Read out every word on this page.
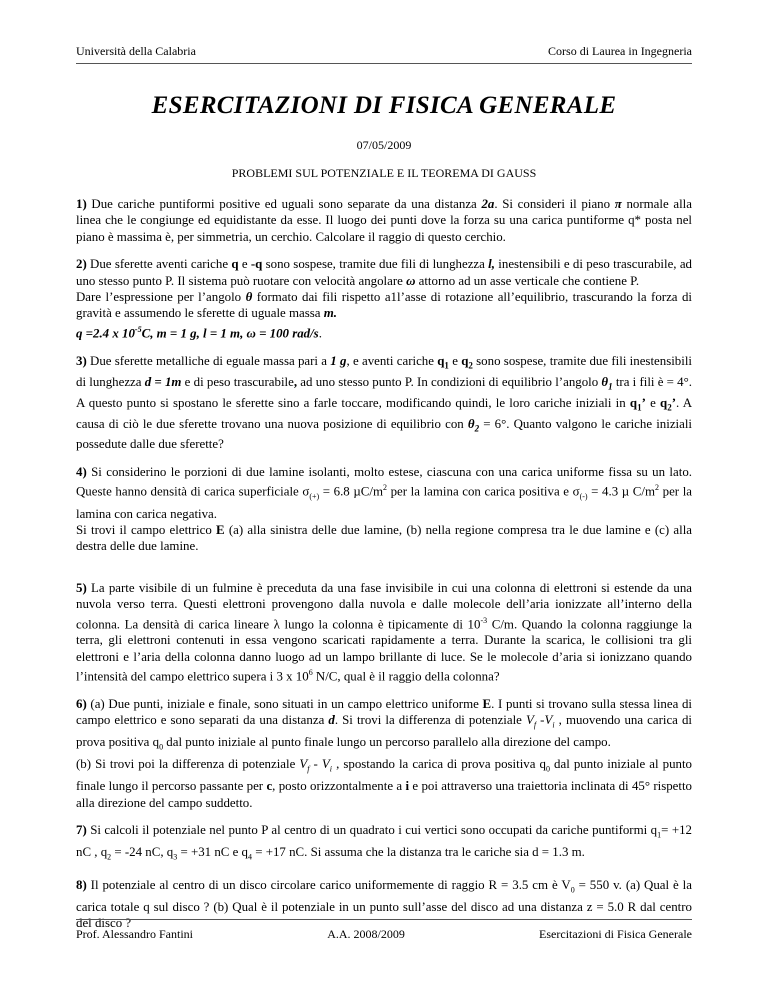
Università della Calabria	Corso di Laurea in Ingegneria
ESERCITAZIONI DI FISICA GENERALE
07/05/2009
PROBLEMI SUL POTENZIALE E IL TEOREMA DI GAUSS

1) Due cariche puntiformi positive ed uguali sono separate da una distanza 2a. Si consideri il piano π normale alla linea che le congiunge ed equidistante da esse. Il luogo dei punti dove la forza su una carica puntiforme q* posta nel piano è massima è, per simmetria, un cerchio. Calcolare il raggio di questo cerchio.

2) Due sferette aventi cariche q e -q sono sospese, tramite due fili di lunghezza l, inestensibili e di peso trascurabile, ad uno stesso punto P. Il sistema può ruotare con velocità angolare ω attorno ad un asse verticale che contiene P.

Dare l’espressione per l’angolo θ formato dai fili rispetto a1l’asse di rotazione all’equilibrio, trascurando la forza di gravità e assumendo le sferette di uguale massa m.

q =2.4 x $10^{-5}C$, m = 1 g, l = 1 m, ω = 100 rad/s.

3) Due sferette metalliche di eguale massa pari a 1 g, e aventi cariche $q_1$ e $q_2$ sono sospese, tramite due fili inestensibili di lunghezza d = 1m e di peso trascurabile, ad uno stesso punto P. In condizioni di equilibrio l’angolo $\theta_1$ tra i fili è = 4°. A questo punto si spostano le sferette sino a farle toccare, modificando quindi, le loro cariche iniziali in $q_1$’ e $q_2$’. A causa di ciò le due sferette trovano una nuova posizione di equilibrio con $\theta_2 = 6^\circ$. Quanto valgono le cariche iniziali possedute dalle due sferette?

4) Si considerino le porzioni di due lamine isolanti, molto estese, ciascuna con una carica uniforme fissa su un lato. Queste hanno densità di carica superficiale $\sigma_{(+)} = 6.8$ $\mu C/m^2$ per la lamina con carica positiva e $\sigma_{(-)} = 4.3$ µ $C/m^2$ per la lamina con carica negativa.

Si trovi il campo elettrico E (a) alla sinistra delle due lamine, (b) nella regione compresa tra le due lamine e (c) alla destra delle due lamine.

5) La parte visibile di un fulmine è preceduta da una fase invisibile in cui una colonna di elettroni si estende da una nuvola verso terra. Questi elettroni provengono dalla nuvola e dalle molecole dell’aria ionizzate all’interno della colonna. La densità di carica lineare λ lungo la colonna è tipicamente di $10^{-3}$ C/m. Quando la colonna raggiunge la terra, gli elettroni contenuti in essa vengono scaricati rapidamente a terra. Durante la scarica, le collisioni tra gli elettroni e l’aria della colonna danno luogo ad un lampo brillante di luce. Se le molecole d’aria si ionizzano quando l’intensità del campo elettrico supera i 3 x $10^6$ N/C, qual è il raggio della colonna?

6) (a) Due punti, iniziale e finale, sono situati in un campo elettrico uniforme E. I punti si trovano sulla stessa linea di campo elettrico e sono separati da una distanza d. Si trovi la differenza di potenziale $V_f$ $-V_i$ , muovendo una carica di prova positiva $q_0$ dal punto iniziale al punto finale lungo un percorso parallelo alla direzione del campo.

(b) Si trovi poi la differenza di potenziale $V_f - V_i$ , spostando la carica di prova positiva $q_0$ dal punto iniziale al punto finale lungo il percorso passante per c, posto orizzontalmente a i e poi attraverso una traiettoria inclinata di 45° rispetto alla direzione del campo suddetto.

7) Si calcoli il potenziale nel punto P al centro di un quadrato i cui vertici sono occupati da cariche puntiformi $q_1= +12$ nC , $q_2 = -24$ nC, $q_3 = +31$ nC e $q_4 = +17$ nC. Si assuma che la distanza tra le cariche sia d = 1.3 m.

8) Il potenziale al centro di un disco circolare carico uniformemente di raggio R = 3.5 cm è $V_0 = 550$ v. (a) Qual è la carica totale q sul disco ? (b) Qual è il potenziale in un punto sull’asse del disco ad una distanza z = 5.0 R dal centro del disco ?

Prof. Alessandro Fantini	A.A. 2008/2009	Esercitazioni di Fisica Generale
